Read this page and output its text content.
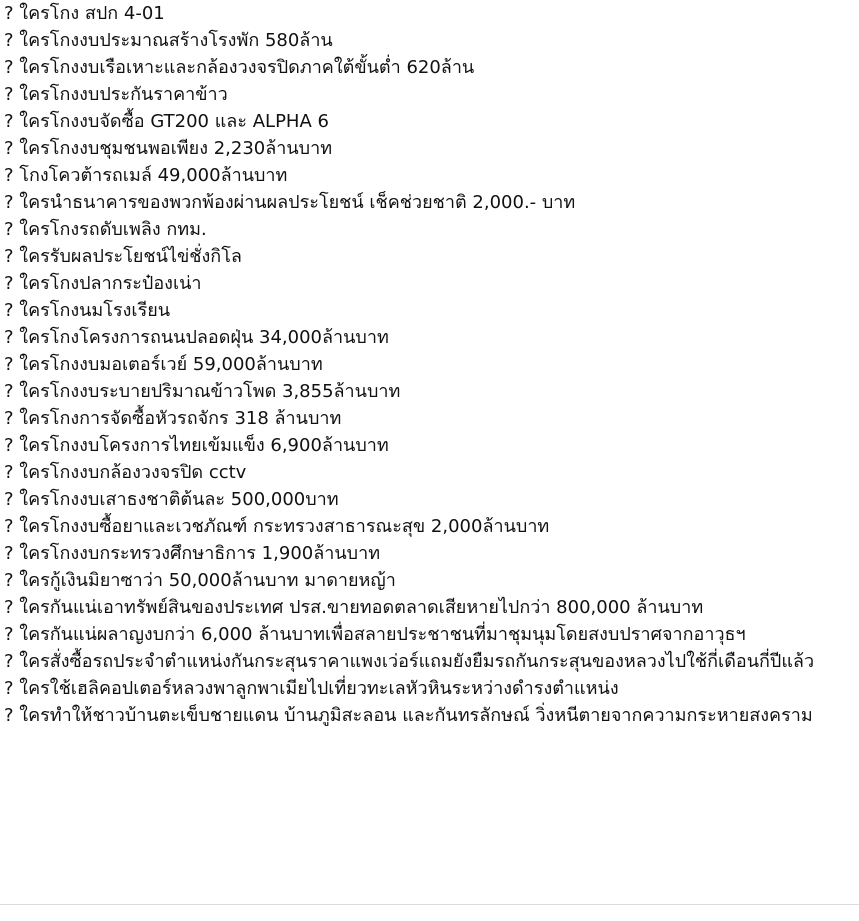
? ใครโกง สปก 4-01
? ใครโกงงบประมาณสร้างโรงพัก 580ล้าน
? ใครโกงงบเรือเหาะและกล้องวงจรปิดภาคใต้ขั้นต่ำ 620ล้าน
? ใครโกงงบประกันราคาข้าว
? ใครโกงงบจัดซื้อ GT200 และ ALPHA 6
? ใครโกงงบชุมชนพอเพียง 2,230ล้านบาท
? โกงโควต้ารถเมล์ 49,000ล้านบาท
? ใครนำธนาคารของพวกพ้องผ่านผลประโยชน์ เช็คช่วยชาติ 2,000.- บาท
? ใครโกงรถดับเพลิง กทม.
? ใครรับผลประโยชน์ไข่ชั่งกิโล
? ใครโกงปลากระป๋องเน่า
? ใครโกงนมโรงเรียน
? ใครโกงโครงการถนนปลอดฝุ่น 34,000ล้านบาท
? ใครโกงงบมอเตอร์เวย์ 59,000ล้านบาท
? ใครโกงงบระบายปริมาณข้าวโพด 3,855ล้านบาท
? ใครโกงการจัดซื้อหัวรถจักร 318 ล้านบาท
? ใครโกงงบโครงการไทยเข้มแข็ง 6,900ล้านบาท
? ใครโกงงบกล้องวงจรปิด cctv
? ใครโกงงบเสาธงชาติต้นละ 500,000บาท
? ใครโกงงบซื้อยาและเวชภัณฑ์ กระทรวงสาธารณะสุข 2,000ล้านบาท
? ใครโกงงบกระทรวงศึกษาธิการ 1,900ล้านบาท
? ใครกู้เงินมิยาซาว่า 50,000ล้านบาท มาดายหญ้า
? ใครกันแน่เอาทรัพย์สินของประเทศ ปรส.ขายทอดตลาดเสียหายไปกว่า 800,000 ล้านบาท
? ใครกันแน่ผลาญงบกว่า 6,000 ล้านบาทเพื่อสลายประชาชนที่มาชุมนุมโดยสงบปราศจากอาวุธฯ
? ใครสั่งซื้อรถประจำตำแหน่งกันกระสุนราคาแพงเว่อร์แถมยังยืมรถกันกระสุนของหลวงไปใช้กี่เดือนกี่ปีแล้ว
? ใครใช้เฮลิคอปเตอร์หลวงพาลูกพาเมียไปเที่ยวทะเลหัวหินระหว่างดำรงตำแหน่ง
? ใครทำให้ชาวบ้านตะเข็บชายแดน บ้านภูมิสะลอน และกันทรลักษณ์ วิ่งหนีตายจากความกระหายสงคราม
